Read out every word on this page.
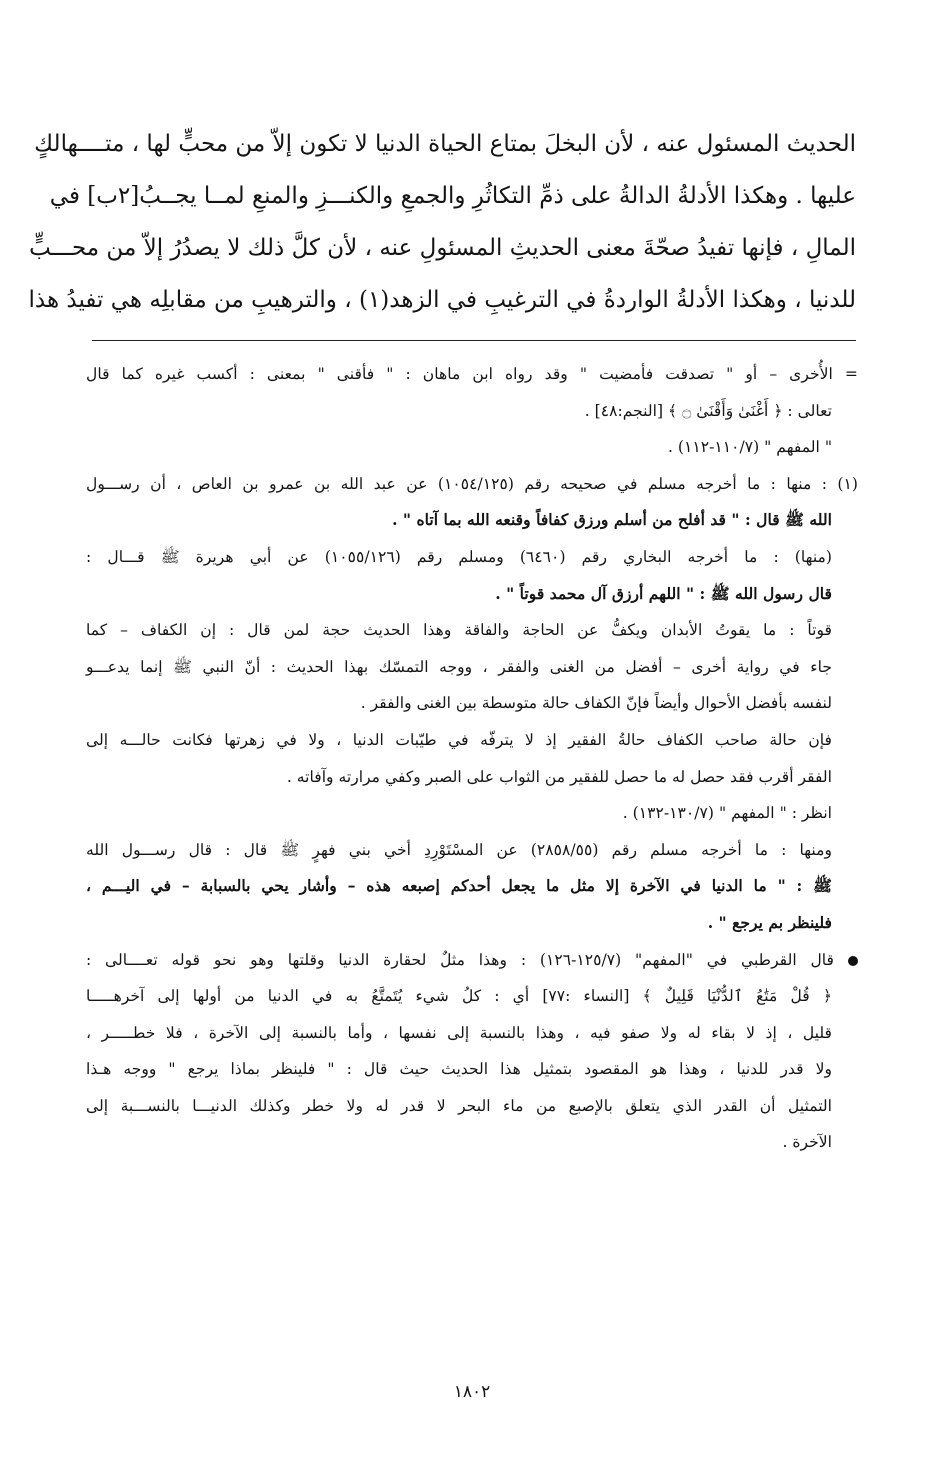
الحديث المسئول عنه ، لأن البخلَ بمتاع الحياة الدنيا لا تكون إلاّ من محبٍّ لها ، متــــهالكٍ
عليها . وهكذا الأدلةُ الدالةُ على ذمِّ التكاثُرِ والجمعِ والكنـــزِ والمنعِ لمــا يجــبُ[٢ب] في
المالِ ، فإنها تفيدُ صحّةَ معنى الحديثِ المسئولِ عنه ، لأن كلَّ ذلك لا يصدُرُ إلاّ من محـــبٍّ
للدنيا ، وهكذا الأدلةُ الواردةُ في الترغيبِ في الزهد(١) ، والترهيبِ من مقابلِه هي تفيدُ هذا
= الأُخرى – أو " تصدقت فأمضيت " وقد رواه ابن ماهان : " فأقنى " بمعنى : أكسب غيره كما قال
تعالى : ﴿ أَغْنَىٰ وَأَقْنَىٰ ۝ ﴾ [النجم:٤٨] .
" المفهم " (١١٠/٧-١١٢) .
(١) : منها : ما أخرجه مسلم في صحيحه رقم (١٠٥٤/١٢٥) عن عبد الله بن عمرو بن العاص ، أن رســـول
الله ﷺ قال : " قد أفلح من أسلم ورزق كفافاً وقنعه الله بما آتاه " .
(منها) : ما أخرجه البخاري رقم (٦٤٦٠) ومسلم رقم (١٠٥٥/١٢٦) عن أبي هريرة ﷺ قـــال :
قال رسول الله ﷺ : " اللهم أرزق آل محمد قوتاً " .
قوتاً : ما يقوتُ الأبدان ويكفُّ عن الحاجة والفاقة وهذا الحديث حجة لمن قال : إن الكفاف – كما
جاء في رواية أخرى – أفضل من الغنى والفقر ، ووجه التمسّك بهذا الحديث : أنّ النبي ﷺ إنما يدعـــو
لنفسه بأفضل الأحوال وأيضاً فإنّ الكفاف حالة متوسطة بين الغنى والفقر .
فإن حالة صاحب الكفاف حالةُ الفقير إذ لا يترفّه في طيّبات الدنيا ، ولا في زهرتها فكانت حالـــه إلى
الفقر أقرب فقد حصل له ما حصل للفقير من الثواب على الصبر وكفي مرارته وآفاته .
انظر : " المفهم " (١٣٠/٧-١٣٢) .
ومنها : ما أخرجه مسلم رقم (٢٨٥٨/٥٥) عن المسْتَوْرِدِ أخي بني فهرٍ ﷺ قال : قال رســـول الله
ﷺ : " ما الدنيا في الآخرة إلا مثل ما يجعل أحدكم إصبعه هذه – وأشار يحي بالسبابة – في اليـــم ،
فلينظر بم يرجع " .
قال القرطبي في "المفهم" (١٢٥/٧-١٢٦) : وهذا مثلٌ لحقارة الدنيا وقلتها وهو نحو قوله تعــــالى :
﴿ قُلْ مَتَٰعُ ٱلدُّنْيَا قَلِيلٌ ﴾ [النساء :٧٧] أي : كلُ شيء يُتَمتَّعُ به في الدنيا من أولها إلى آخرهـــــا
قليل ، إذ لا بقاء له ولا صفو فيه ، وهذا بالنسبة إلى نفسها ، وأما بالنسبة إلى الآخرة ، فلا خطـــــر ،
ولا قدر للدنيا ، وهذا هو المقصود بتمثيل هذا الحديث حيث قال : " فلينظر بماذا يرجع " ووجه هـذا
التمثيل أن القدر الذي يتعلق بالإصبع من ماء البحر لا قدر له ولا خطر وكذلك الدنيـــا بالنســـبة إلى
الآخرة .
١٨٠٢
